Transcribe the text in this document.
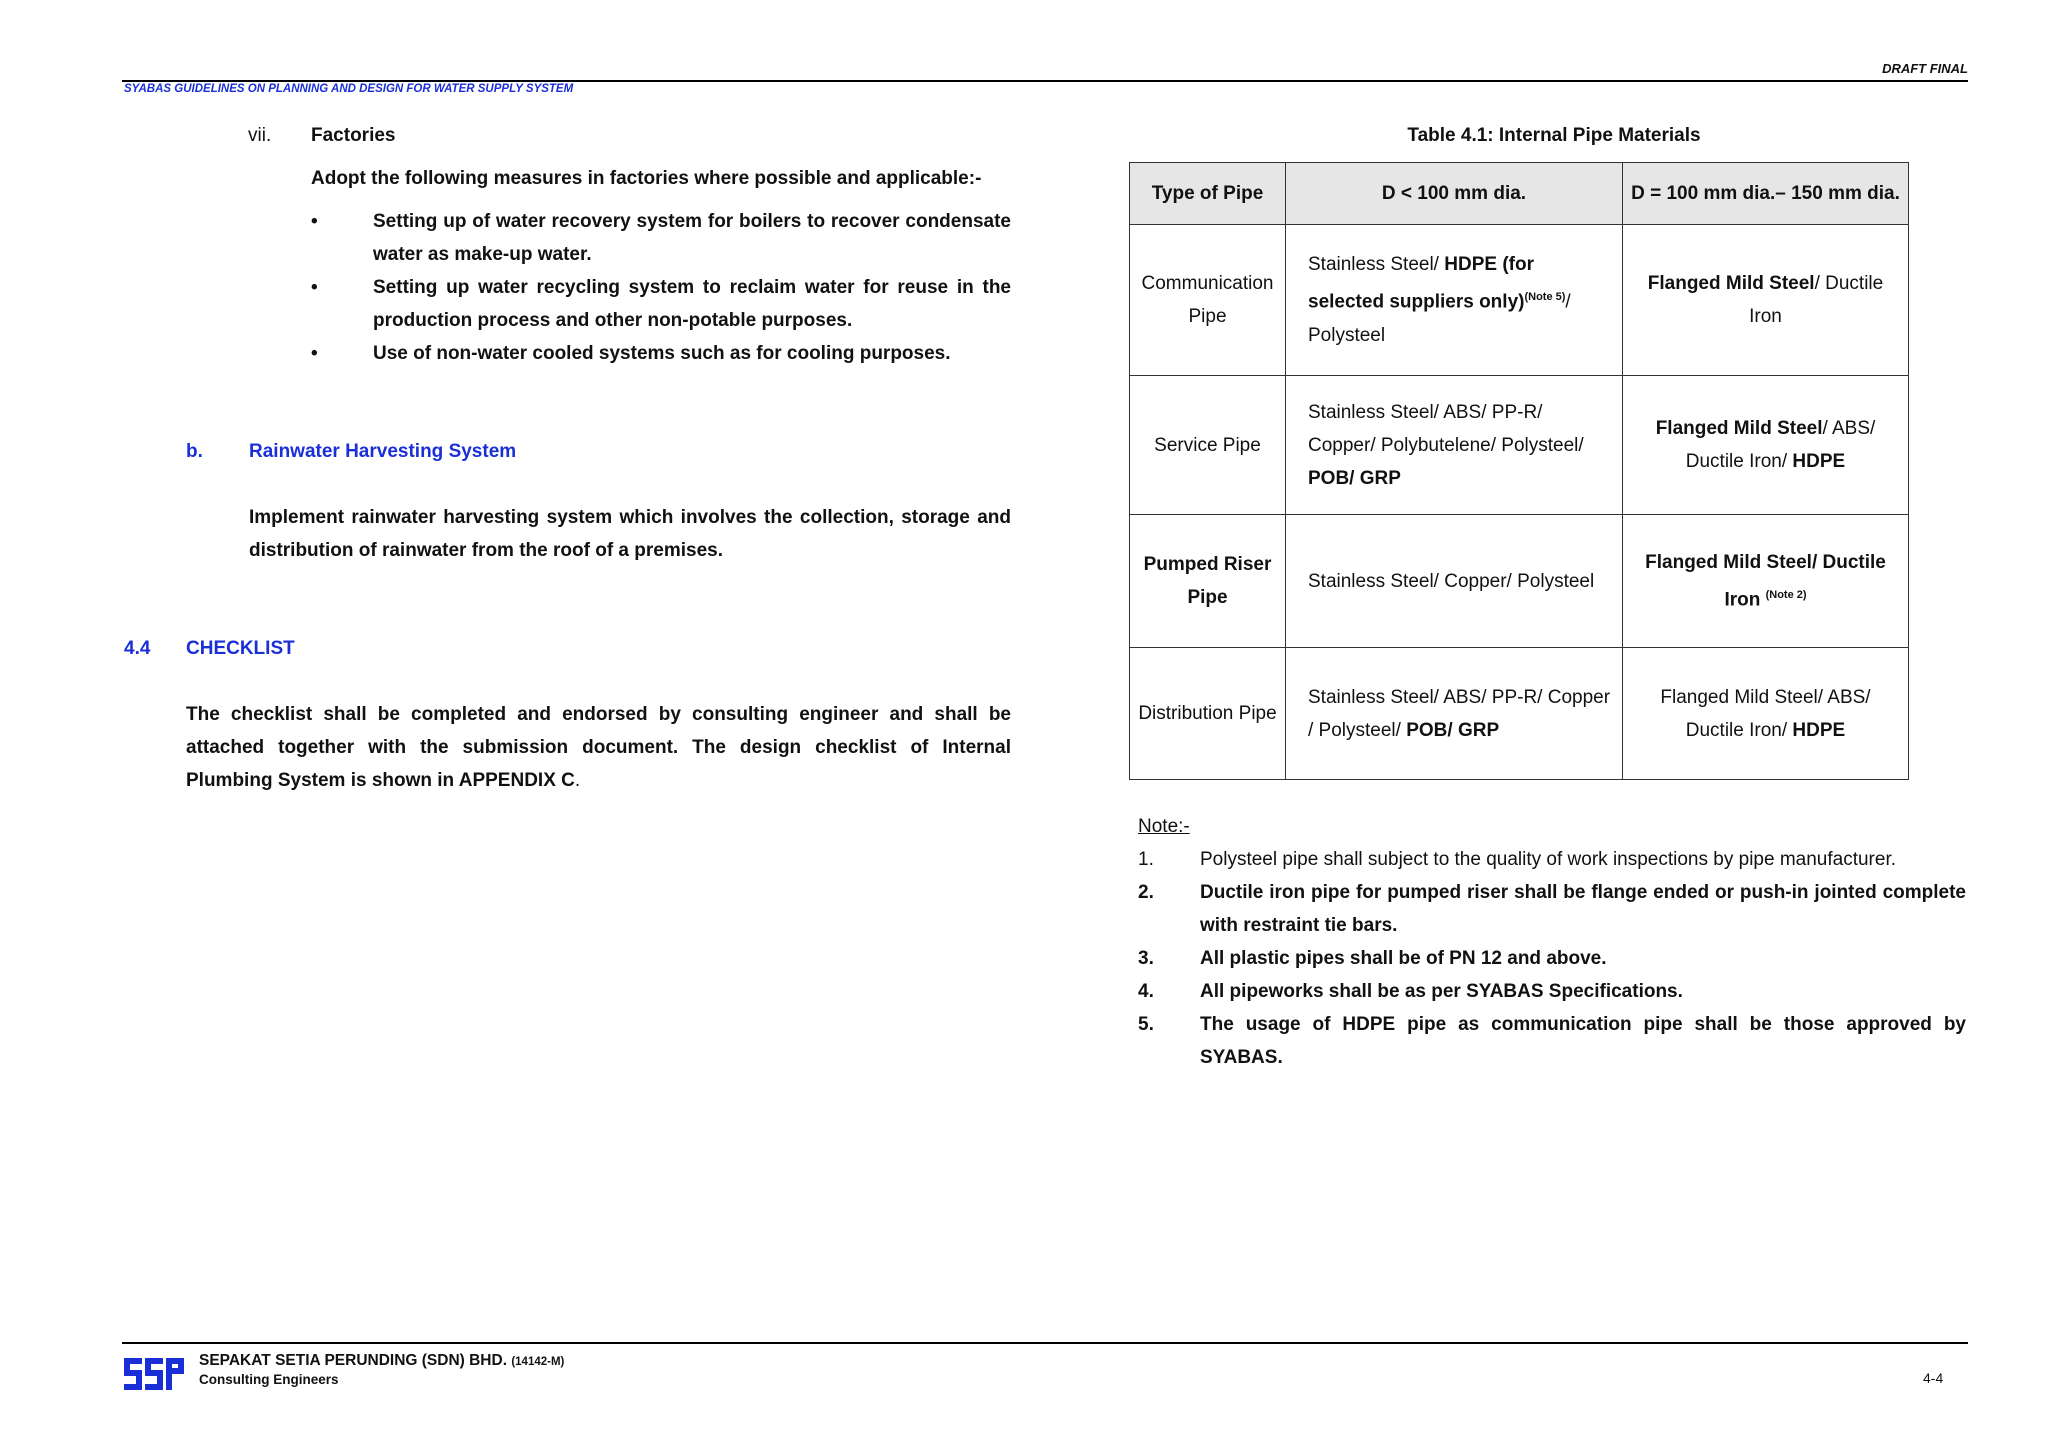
DRAFT FINAL
SYABAS GUIDELINES ON PLANNING AND DESIGN FOR WATER SUPPLY SYSTEM
vii. Factories
Adopt the following measures in factories where possible and applicable:-
•	Setting up of water recovery system for boilers to recover condensate water as make-up water.
•	Setting up water recycling system to reclaim water for reuse in the production process and other non-potable purposes.
•	Use of non-water cooled systems such as for cooling purposes.
b. Rainwater Harvesting System
Implement rainwater harvesting system which involves the collection, storage and distribution of rainwater from the roof of a premises.
4.4 CHECKLIST
The checklist shall be completed and endorsed by consulting engineer and shall be attached together with the submission document. The design checklist of Internal Plumbing System is shown in APPENDIX C.
Table 4.1: Internal Pipe Materials
Type of Pipe	D < 100 mm dia.	D = 100 mm dia.– 150 mm dia.
Communication Pipe	Stainless Steel/ HDPE (for selected suppliers only)$^{(Note 5)}$/ Polysteel	Flanged Mild Steel/ Ductile Iron
Service Pipe	Stainless Steel/ ABS/ PP-R/ Copper/ Polybutelene/ Polysteel/ POB/ GRP	Flanged Mild Steel/ ABS/ Ductile Iron/ HDPE
Pumped Riser Pipe	Stainless Steel/ Copper/ Polysteel	Flanged Mild Steel/ Ductile Iron $^{(Note 2)}$
Distribution Pipe	Stainless Steel/ ABS/ PP-R/ Copper / Polysteel/ POB/ GRP	Flanged Mild Steel/ ABS/ Ductile Iron/ HDPE
Note:-
1. Polysteel pipe shall subject to the quality of work inspections by pipe manufacturer.
2. Ductile iron pipe for pumped riser shall be flange ended or push-in jointed complete with restraint tie bars.
3. All plastic pipes shall be of PN 12 and above.
4. All pipeworks shall be as per SYABAS Specifications.
5. The usage of HDPE pipe as communication pipe shall be those approved by SYABAS.
SEPAKAT SETIA PERUNDING (SDN) BHD. (14142-M)
Consulting Engineers	4-4
